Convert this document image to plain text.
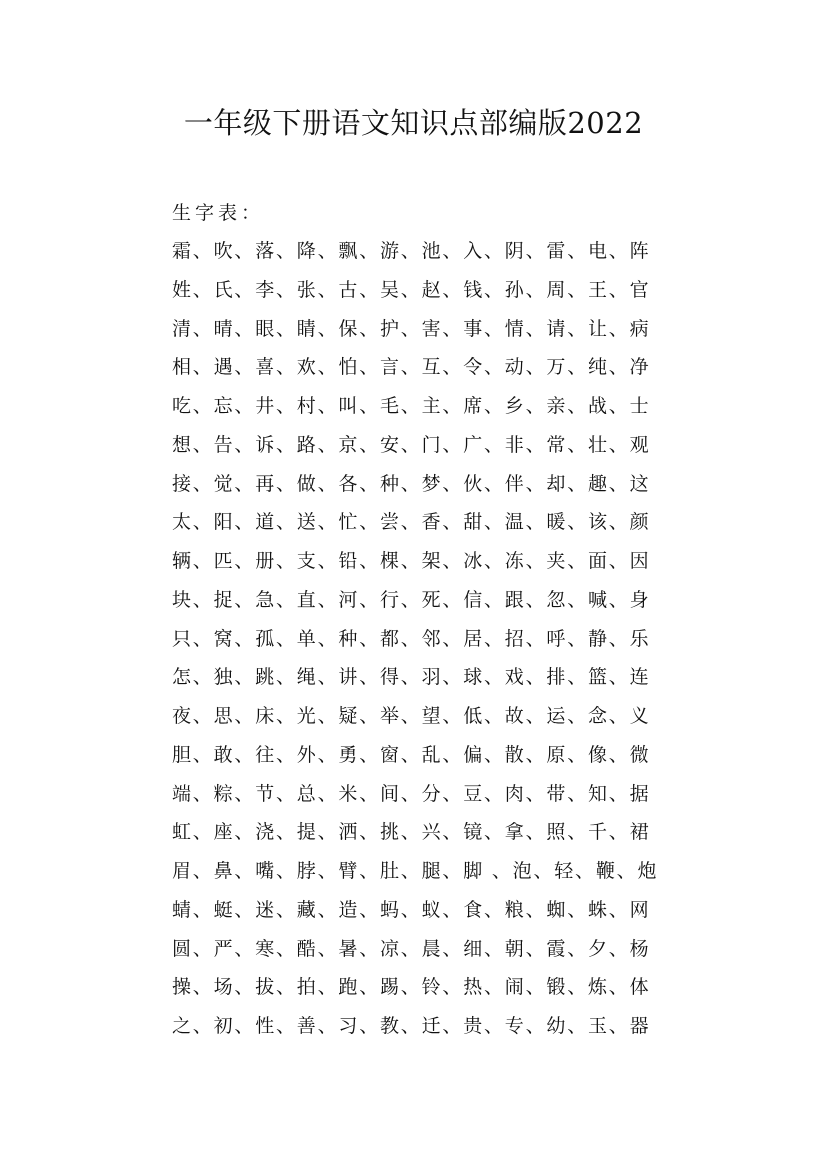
一年级下册语文知识点部编版2022
生字表：
霜、吹、落、降、飘、游、池、入、阴、雷、电、阵
姓、氏、李、张、古、吴、赵、钱、孙、周、王、官
清、晴、眼、睛、保、护、害、事、情、请、让、病
相、遇、喜、欢、怕、言、互、令、动、万、纯、净
吃、忘、井、村、叫、毛、主、席、乡、亲、战、士
想、告、诉、路、京、安、门、广、非、常、壮、观
接、觉、再、做、各、种、梦、伙、伴、却、趣、这
太、阳、道、送、忙、尝、香、甜、温、暖、该、颜
辆、匹、册、支、铅、棵、架、冰、冻、夹、面、因
块、捉、急、直、河、行、死、信、跟、忽、喊、身
只、窝、孤、单、种、都、邻、居、招、呼、静、乐
怎、独、跳、绳、讲、得、羽、球、戏、排、篮、连
夜、思、床、光、疑、举、望、低、故、运、念、义
胆、敢、往、外、勇、窗、乱、偏、散、原、像、微
端、粽、节、总、米、间、分、豆、肉、带、知、据
虹、座、浇、提、洒、挑、兴、镜、拿、照、千、裙
眉、鼻、嘴、脖、臂、肚、腿、脚 、泡、轻、鞭、炮
蜻、蜓、迷、藏、造、蚂、蚁、食、粮、蜘、蛛、网
圆、严、寒、酷、暑、凉、晨、细、朝、霞、夕、杨
操、场、拔、拍、跑、踢、铃、热、闹、锻、炼、体
之、初、性、善、习、教、迁、贵、专、幼、玉、器
